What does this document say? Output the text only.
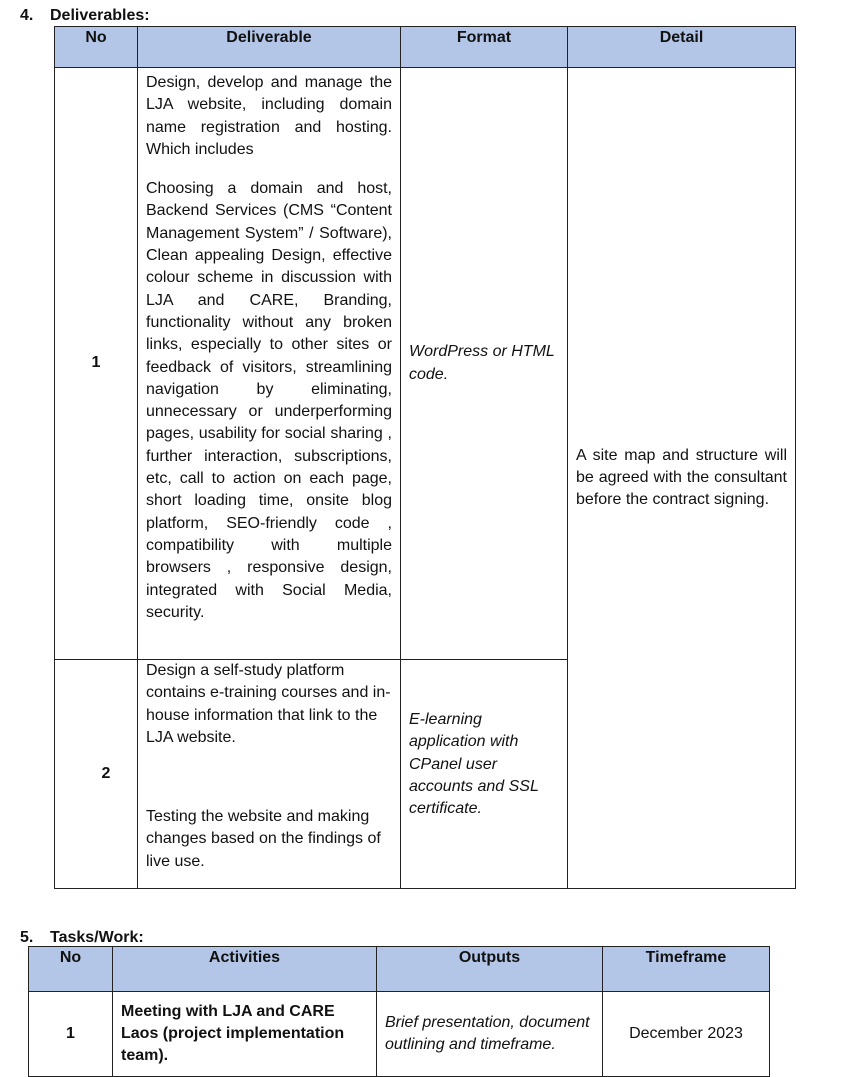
4. Deliverables:
No	Deliverable	Format	Detail
1	Design, develop and manage the LJA website, including domain name registration and hosting. Which includes

Choosing a domain and host, Backend Services (CMS “Content Management System” / Software), Clean appealing Design, effective colour scheme in discussion with LJA and CARE, Branding, functionality without any broken links, especially to other sites or feedback of visitors, streamlining navigation by eliminating, unnecessary or underperforming pages, usability for social sharing , further interaction, subscriptions, etc, call to action on each page, short loading time, onsite blog platform, SEO-friendly code , compatibility with multiple browsers , responsive design, integrated with Social Media, security.	WordPress or HTML code.	A site map and structure will be agreed with the consultant before the contract signing.
2	Design a self-study platform contains e-training courses and in-house information that link to the LJA website.

Testing the website and making changes based on the findings of live use.	E-learning application with CPanel user accounts and SSL certificate.	
5. Tasks/Work:
No	Activities	Outputs	Timeframe
1	Meeting with LJA and CARE Laos (project implementation team).	Brief presentation, document outlining and timeframe.	December 2023
